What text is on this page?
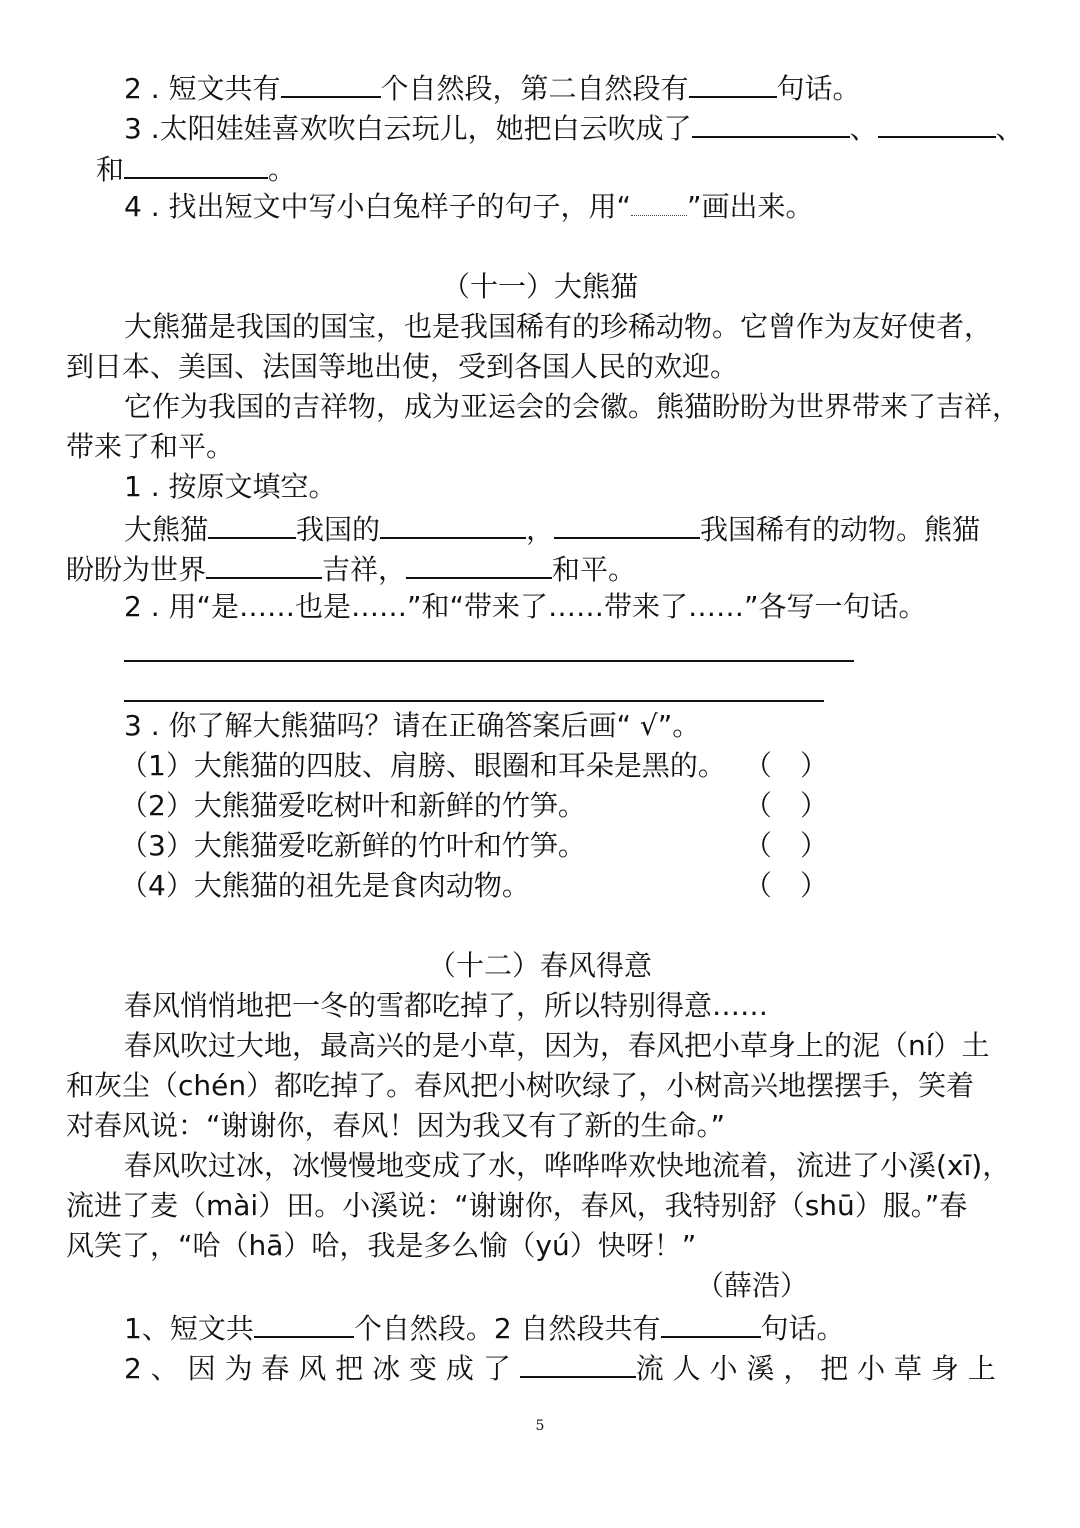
2 . 短文共有	个自然段，第二自然段有	句话。
3 .太阳娃娃喜欢吹白云玩儿，她把白云吹成了	、	、
和	。
4 . 找出短文中写小白兔样子的句子，用“ ”画出来。
（十一）大熊猫
大熊猫是我国的国宝，也是我国稀有的珍稀动物。它曾作为友好使者，
到日本、美国、法国等地出使，受到各国人民的欢迎。
它作为我国的吉祥物，成为亚运会的会徽。熊猫盼盼为世界带来了吉祥，
带来了和平。
1 . 按原文填空。
大熊猫	我国的	，	我国稀有的动物。熊猫
盼盼为世界	吉祥，	和平。
2 . 用“是……也是……”和“带来了……带来了……”各写一句话。
3 . 你了解大熊猫吗？请在正确答案后画“ √”。
（1）大熊猫的四肢、肩膀、眼圈和耳朵是黑的。 （　）
（2）大熊猫爱吃树叶和新鲜的竹笋。	（　）
（3）大熊猫爱吃新鲜的竹叶和竹笋。	（　）
（4）大熊猫的祖先是食肉动物。	（　）
（十二）春风得意
春风悄悄地把一冬的雪都吃掉了，所以特别得意……
春风吹过大地，最高兴的是小草，因为，春风把小草身上的泥（ní）土
和灰尘（chén）都吃掉了。春风把小树吹绿了，小树高兴地摆摆手，笑着
对春风说：“谢谢你，春风！因为我又有了新的生命。”
春风吹过冰，冰慢慢地变成了水，哗哗哗欢快地流着，流进了小溪(xī)，
流进了麦（mài）田。小溪说：“谢谢你，春风，我特别舒（shū）服。”春
风笑了，“哈（hā）哈，我是多么愉（yú）快呀！”
（薛浩）
1、短文共	个自然段。2 自然段共有	句话。
2 、 因 为 春 风 把 冰 变 成 了	流 人 小 溪 ， 把 小 草 身 上
5
